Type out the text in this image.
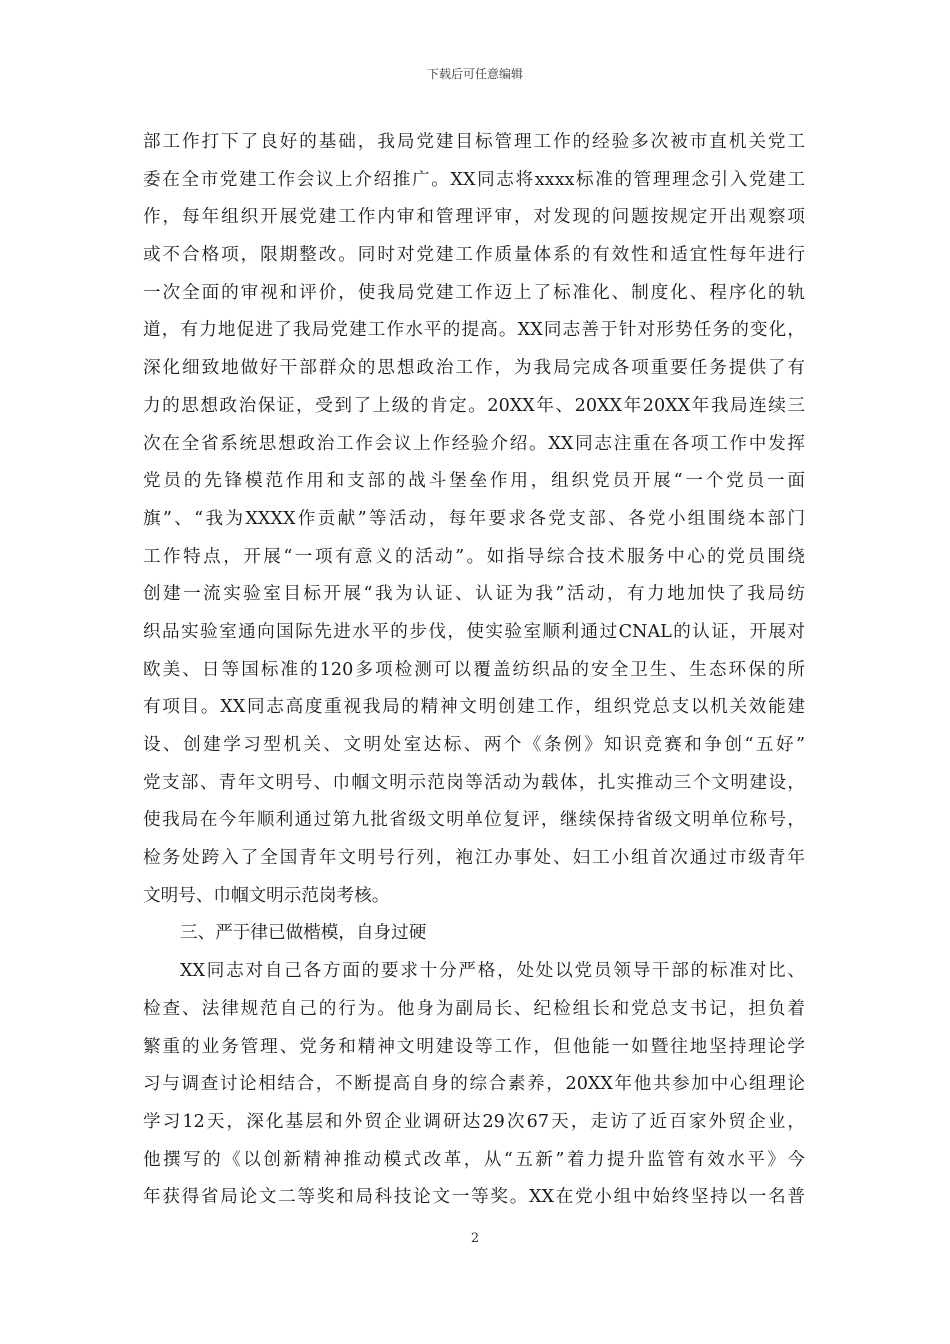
下载后可任意编辑
部工作打下了良好的基础，我局党建目标管理工作的经验多次被市直机关党工
委在全市党建工作会议上介绍推广。XX同志将xxxx标准的管理理念引入党建工
作，每年组织开展党建工作内审和管理评审，对发现的问题按规定开出观察项
或不合格项，限期整改。同时对党建工作质量体系的有效性和适宜性每年进行
一次全面的审视和评价，使我局党建工作迈上了标准化、制度化、程序化的轨
道，有力地促进了我局党建工作水平的提高。XX同志善于针对形势任务的变化，
深化细致地做好干部群众的思想政治工作，为我局完成各项重要任务提供了有
力的思想政治保证，受到了上级的肯定。20XX年、20XX年20XX年我局连续三
次在全省系统思想政治工作会议上作经验介绍。XX同志注重在各项工作中发挥
党员的先锋模范作用和支部的战斗堡垒作用，组织党员开展“一个党员一面
旗”、“我为XXXX作贡献”等活动，每年要求各党支部、各党小组围绕本部门
工作特点，开展“一项有意义的活动”。如指导综合技术服务中心的党员围绕
创建一流实验室目标开展“我为认证、认证为我”活动，有力地加快了我局纺
织品实验室通向国际先进水平的步伐，使实验室顺利通过CNAL的认证，开展对
欧美、日等国标准的120多项检测可以覆盖纺织品的安全卫生、生态环保的所
有项目。XX同志高度重视我局的精神文明创建工作，组织党总支以机关效能建
设、创建学习型机关、文明处室达标、两个《条例》知识竞赛和争创“五好”
党支部、青年文明号、巾帼文明示范岗等活动为载体，扎实推动三个文明建设，
使我局在今年顺利通过第九批省级文明单位复评，继续保持省级文明单位称号，
检务处跨入了全国青年文明号行列，袍江办事处、妇工小组首次通过市级青年
文明号、巾帼文明示范岗考核。
三、严于律已做楷模，自身过硬
XX同志对自己各方面的要求十分严格，处处以党员领导干部的标准对比、
检查、法律规范自己的行为。他身为副局长、纪检组长和党总支书记，担负着
繁重的业务管理、党务和精神文明建设等工作，但他能一如暨往地坚持理论学
习与调查讨论相结合，不断提高自身的综合素养，20XX年他共参加中心组理论
学习12天，深化基层和外贸企业调研达29次67天，走访了近百家外贸企业，
他撰写的《以创新精神推动模式改革，从“五新”着力提升监管有效水平》今
年获得省局论文二等奖和局科技论文一等奖。XX在党小组中始终坚持以一名普
2
